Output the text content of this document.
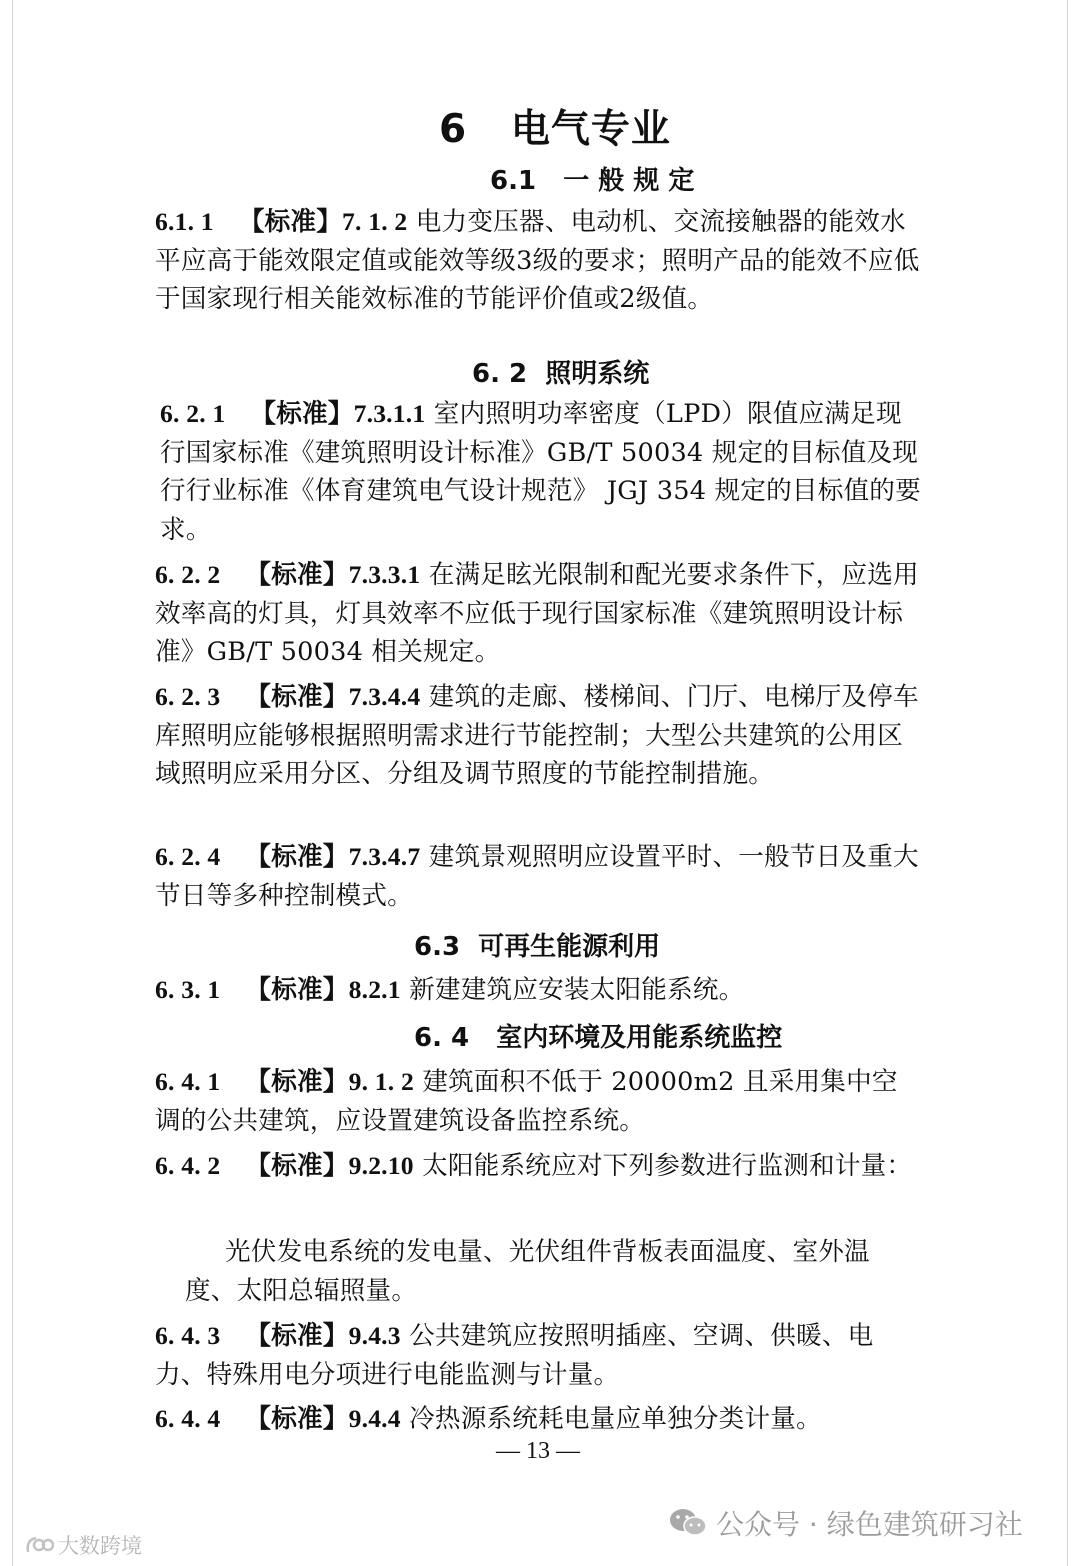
6 电气专业
6.1 一 般 规 定
6.1. 1 【标准】7. 1. 2 电力变压器、电动机、交流接触器的能效水平应高于能效限定值或能效等级3级的要求；照明产品的能效不应低于国家现行相关能效标准的节能评价值或2级值。
6. 2 照明系统
6. 2. 1 【标准】7.3.1.1 室内照明功率密度（LPD）限值应满足现行国家标准《建筑照明设计标准》GB/T 50034 规定的目标值及现行行业标准《体育建筑电气设计规范》 JGJ 354 规定的目标值的要求。
6. 2. 2 【标准】7.3.3.1 在满足眩光限制和配光要求条件下，应选用效率高的灯具，灯具效率不应低于现行国家标准《建筑照明设计标准》GB/T 50034 相关规定。
6. 2. 3 【标准】7.3.4.4 建筑的走廊、楼梯间、门厅、电梯厅及停车库照明应能够根据照明需求进行节能控制；大型公共建筑的公用区域照明应采用分区、分组及调节照度的节能控制措施。
6. 2. 4 【标准】7.3.4.7 建筑景观照明应设置平时、一般节日及重大节日等多种控制模式。
6.3 可再生能源利用
6. 3. 1 【标准】8.2.1 新建建筑应安装太阳能系统。
6. 4 室内环境及用能系统监控
6. 4. 1 【标准】9. 1. 2 建筑面积不低于 20000m2 且采用集中空调的公共建筑，应设置建筑设备监控系统。
6. 4. 2 【标准】9.2.10 太阳能系统应对下列参数进行监测和计量：
光伏发电系统的发电量、光伏组件背板表面温度、室外温度、太阳总辐照量。
6. 4. 3 【标准】9.4.3 公共建筑应按照明插座、空调、供暖、电力、特殊用电分项进行电能监测与计量。
6. 4. 4 【标准】9.4.4 冷热源系统耗电量应单独分类计量。
— 13 —
公众号 · 绿色建筑研习社
大数跨境
